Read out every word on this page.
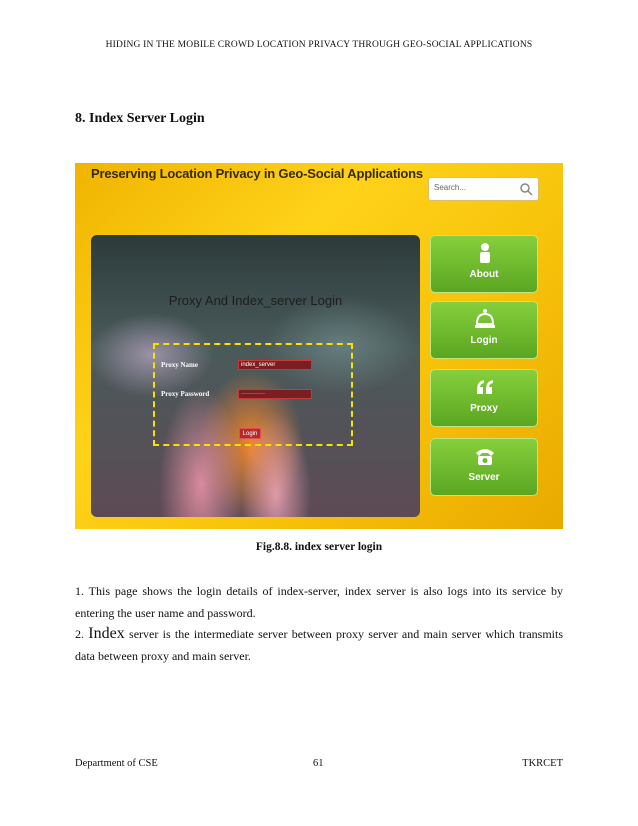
HIDING IN THE MOBILE CROWD LOCATION PRIVACY THROUGH GEO-SOCIAL APPLICATIONS
8. Index Server Login
Preserving Location Privacy in Geo-Social Applications
Search...
Proxy And Index_server Login
Proxy Name	index_server
Proxy Password	············
Login
About
Login
Proxy
Server
Fig.8.8. index server login
1. This page shows the login details of index-server, index server is also logs into its service by entering the user name and password.
2. Index server is the intermediate server between proxy server and main server which transmits data between proxy and main server.
Department of CSE	61	TKRCET
